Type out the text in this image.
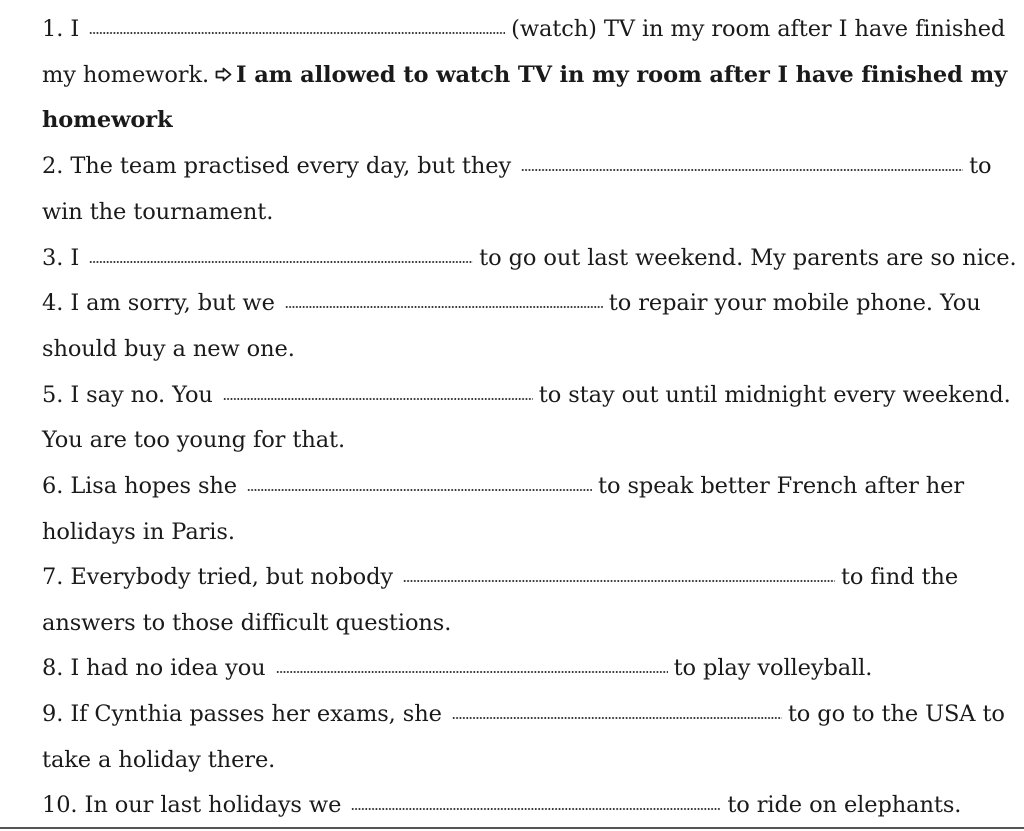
1. I	(watch) TV in my room after I have finished
my homework. I am allowed to watch TV in my room after I have finished my
homework
2. The team practised every day, but they	to
win the tournament.
3. I	to go out last weekend. My parents are so nice.
4. I am sorry, but we	to repair your mobile phone. You
should buy a new one.
5. I say no. You	to stay out until midnight every weekend.
You are too young for that.
6. Lisa hopes she	to speak better French after her
holidays in Paris.
7. Everybody tried, but nobody	to find the
answers to those difficult questions.
8. I had no idea you	to play volleyball.
9. If Cynthia passes her exams, she	to go to the USA to
take a holiday there.
10. In our last holidays we	to ride on elephants.
